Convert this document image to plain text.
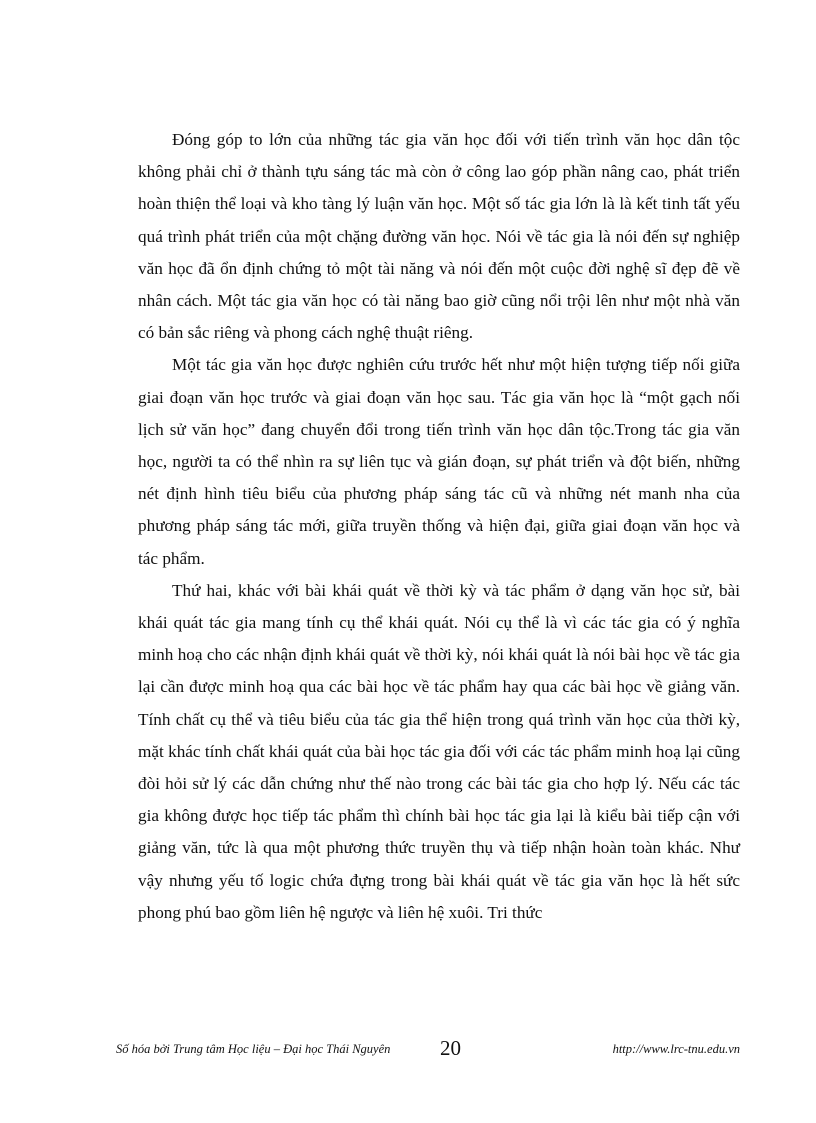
Đóng góp to lớn của những tác gia văn học đối với tiến trình văn học dân tộc không phải chỉ ở thành tựu sáng tác mà còn ở công lao góp phần nâng cao, phát triển hoàn thiện thể loại và kho tàng lý luận văn học. Một số tác gia lớn là là kết tinh tất yếu quá trình phát triển của một chặng đường văn học. Nói về tác gia là nói đến sự nghiệp văn học đã ổn định chứng tỏ một tài năng và nói đến một cuộc đời nghệ sĩ đẹp đẽ về nhân cách. Một tác gia văn học có tài năng bao giờ cũng nổi trội lên như một nhà văn có bản sắc riêng và phong cách nghệ thuật riêng.

Một tác gia văn học được nghiên cứu trước hết như một hiện tượng tiếp nối giữa giai đoạn văn học trước và giai đoạn văn học sau. Tác gia văn học là “một gạch nối lịch sử văn học” đang chuyển đổi trong tiến trình văn học dân tộc.Trong tác gia văn học, người ta có thể nhìn ra sự liên tục và gián đoạn, sự phát triển và đột biến, những nét định hình tiêu biểu của phương pháp sáng tác cũ và những nét manh nha của phương pháp sáng tác mới, giữa truyền thống và hiện đại, giữa giai đoạn văn học và tác phẩm.

Thứ hai, khác với bài khái quát về thời kỳ và tác phẩm ở dạng văn học sử, bài khái quát tác gia mang tính cụ thể khái quát. Nói cụ thể là vì các tác gia có ý nghĩa minh hoạ cho các nhận định khái quát về thời kỳ, nói khái quát là nói bài học về tác gia lại cần được minh hoạ qua các bài học về tác phẩm hay qua các bài học về giảng văn. Tính chất cụ thể và tiêu biểu của tác gia thể hiện trong quá trình văn học của thời kỳ, mặt khác tính chất khái quát của bài học tác gia đối với các tác phẩm minh hoạ lại cũng đòi hỏi sử lý các dẫn chứng như thế nào trong các bài tác gia cho hợp lý. Nếu các tác gia không được học tiếp tác phẩm thì chính bài học tác gia lại là kiểu bài tiếp cận với giảng văn, tức là qua một phương thức truyền thụ và tiếp nhận hoàn toàn khác. Như vậy nhưng yếu tố logic chứa đựng trong bài khái quát về tác gia văn học là hết sức phong phú bao gồm liên hệ ngược và liên hệ xuôi. Tri thức

Số hóa bởi Trung tâm Học liệu – Đại học Thái Nguyên 20	http://www.lrc-tnu.edu.vn
